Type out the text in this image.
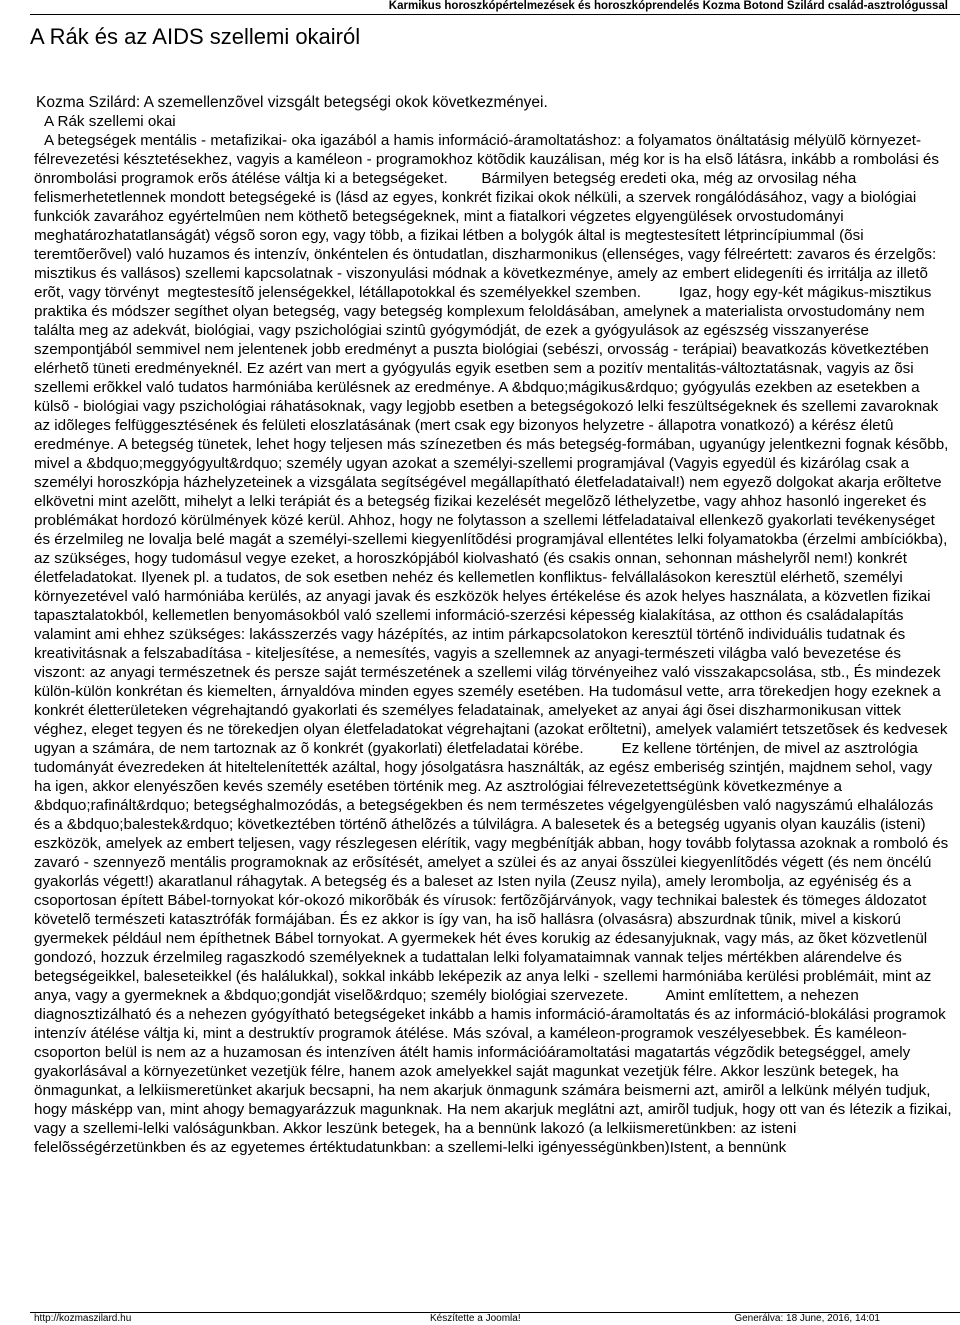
Karmikus horoszkópértelmezések és horoszkóprendelés Kozma Botond Szilárd család-asztrológussal
A Rák és az AIDS szellemi okairól
Kozma Szilárd: A szemellenzõvel vizsgált betegségi okok következményei.

A Rák szellemi okai

A betegségek mentális - metafizikai- oka igazából a hamis információ-áramoltatáshoz: a folyamatos önáltatásig mélyülõ környezet-félrevezetési késztetésekhez, vagyis a kaméleon - programokhoz kötõdik kauzálisan, még kor is ha elsõ látásra, inkább a rombolási és önrombolási programok erõs átélése váltja ki a betegségeket.        Bármilyen betegség eredeti oka, még az orvosilag néha felismerhetetlennek mondott betegségeké is (lásd az egyes, konkrét fizikai okok nélküli, a szervek rongálódásához, vagy a biológiai funkciók zavarához egyértelmûen nem köthetõ betegségeknek, mint a fiatalkori végzetes elgyengülések orvostudományi meghatározhatatlanságát) végsõ soron egy, vagy több, a fizikai létben a bolygók által is megtestesített létprincípiummal (õsi teremtõerõvel) való huzamos és intenzív, önkéntelen és öntudatlan, diszharmonikus (ellenséges, vagy félreértett: zavaros és érzelgõs: misztikus és vallásos) szellemi kapcsolatnak - viszonyulási módnak a következménye, amely az embert elidegeníti és irritálja az illetõ erõt, vagy törvényt  megtestesítõ jelenségekkel, létállapotokkal és személyekkel szemben.         Igaz, hogy egy-két mágikus-misztikus praktika és módszer segíthet olyan betegség, vagy betegség komplexum feloldásában, amelynek a materialista orvostudomány nem találta meg az adekvát, biológiai, vagy pszichológiai szintû gyógymódját, de ezek a gyógyulások az egészség visszanyerése szempontjából semmivel nem jelentenek jobb eredményt a puszta biológiai (sebészi, orvosság - terápiai) beavatkozás következtében elérhetõ tüneti eredményeknél. Ez azért van mert a gyógyulás egyik esetben sem a pozitív mentalitás-változtatásnak, vagyis az õsi szellemi erõkkel való tudatos harmóniába kerülésnek az eredménye. A &bdquo;mágikus&rdquo; gyógyulás ezekben az esetekben a külsõ - biológiai vagy pszichológiai ráhatásoknak, vagy legjobb esetben a betegségokozó lelki feszültségeknek és szellemi zavaroknak az idõleges felfüggesztésének és felületi eloszlatásának (mert csak egy bizonyos helyzetre - állapotra vonatkozó) a kérész életû eredménye. A betegség tünetek, lehet hogy teljesen más színezetben és más betegség-formában, ugyanúgy jelentkezni fognak késõbb, mivel a &bdquo;meggyógyult&rdquo; személy ugyan azokat a személyi-szellemi programjával (Vagyis egyedül és kizárólag csak a személyi horoszkópja házhelyzeteinek a vizsgálata segítségével megállapítható életfeladataival!) nem egyezõ dolgokat akarja erõltetve elkövetni mint azelõtt, mihelyt a lelki terápiát és a betegség fizikai kezelését megelõzõ léthelyzetbe, vagy ahhoz hasonló ingereket és problémákat hordozó körülmények közé kerül. Ahhoz, hogy ne folytasson a szellemi létfeladataival ellenkezõ gyakorlati tevékenységet és érzelmileg ne lovalja belé magát a személyi-szellemi kiegyenlítõdési programjával ellentétes lelki folyamatokba (érzelmi ambíciókba), az szükséges, hogy tudomásul vegye ezeket, a horoszkópjából kiolvasható (és csakis onnan, sehonnan máshelyrõl nem!) konkrét életfeladatokat. Ilyenek pl. a tudatos, de sok esetben nehéz és kellemetlen konfliktus- felvállalásokon keresztül elérhetõ, személyi környezetével való harmóniába kerülés, az anyagi javak és eszközök helyes értékelése és azok helyes használata, a közvetlen fizikai tapasztalatokból, kellemetlen benyomásokból való szellemi információ-szerzési képesség kialakítása, az otthon és családalapítás valamint ami ehhez szükséges: lakásszerzés vagy házépítés, az intim párkapcsolatokon keresztül történõ individuális tudatnak és kreativitásnak a felszabadítása - kiteljesítése, a nemesítés, vagyis a szellemnek az anyagi-természeti világba való bevezetése és viszont: az anyagi természetnek és perszе saját természetének a szellemi világ törvényeihez való visszakapcsolása, stb., És mindezek külön-külön konkrétan és kiemelten, árnyaldóva minden egyes személy esetében. Ha tudomásul vette, arra törekedjen hogy ezeknek a konkrét életterületeken végrehajtandó gyakorlati és személyes feladatainak, amelyeket az anyai ági õsei diszharmonikusan vittek véghez, eleget tegyen és ne törekedjen olyan életfeladatokat végrehajtani (azokat erõltetni), amelyek valamiért tetszetõsek és kedvesek ugyan a számára, de nem tartoznak az õ konkrét (gyakorlati) életfeladatai körébe.         Ez kellene történjen, de mivel az asztrológia tudományát évezredeken át hiteltelenítették azáltal, hogy jósolgatásra használták, az egész emberiség szintjén, majdnem sehol, vagy ha igen, akkor elenyészõen kevés személy esetében történik meg. Az asztrológiai félrevezetettségünk következménye a &bdquo;rafinált&rdquo; betegséghalmozódás, a betegségekben és nem természetes végelgyengülésben való nagyszámú elhalálozás és a &bdquo;balestek&rdquo; következtében történõ áthelõzés a túlvilágra. A balesetek és a betegség ugyanis olyan kauzális (isteni) eszközök, amelyek az embert teljesen, vagy részlegesen elérítik, vagy megbénítják abban, hogy tovább folytassa azoknak a romboló és zavaró - szennyezõ mentális programoknak az erõsítését, amelyet a szülei és az anyai õsszülei kiegyenlítõdés végett (és nem öncélú gyakorlás végett!) akaratlanul ráhagytak. A betegség és a baleset az Isten nyila (Zeusz nyila), amely lerombolja, az egyéniség és a csoportosan épített Bábel-tornyokat kór-okozó mikorõbák és vírusok: fertõzõjárványok, vagy technikai balestek és tömeges áldozatot követelõ természeti katasztrófák formájában. És ez akkor is így van, ha isõ hallásra (olvasásra) abszurdnak tûnik, mivel a kiskorú gyermekek például nem építhetnek Bábel tornyokat. A gyermekek hét éves korukig az édesanyjuknak, vagy más, az õket közvetlenül gondozó, hozzuk érzelmileg ragaszkodó személyeknek a tudattalan lelki folyamataimnak vannak teljes mértékben alárendelve és betegségeikkel, baleseteikkel (és halálukkal), sokkal inkább leképezik az anya lelki - szellemi harmóniába kerülési problémáit, mint az anya, vagy a gyermeknek a &bdquo;gondját viselõ&rdquo; személy biológiai szervezete.         Amint említettem, a nehezen diagnosztizálható és a nehezen gyógyítható betegségeket inkább a hamis információ-áramoltatás és az információ-blokálási programok intenzív átélése váltja ki, mint a destruktív programok átélése. Más szóval, a kaméleon-programok veszélyesebbek. És kaméleon-csoporton belül is nem az a huzamosan és intenzíven átélt hamis információáramoltatási magatartás végzõdik betegséggel, amely gyakorlásával a környezetünket vezetjük félre, hanem azok amelyekkel saját magunkat vezetjük félre. Akkor leszünk betegek, ha önmagunkat, a lelkiismeretünket akarjuk becsapni, ha nem akarjuk önmagunk számára beismerni azt, amirõl a lelkünk mélyén tudjuk, hogy másképp van, mint ahogy bemagyarázzuk magunknak. Ha nem akarjuk meglátni azt, amirõl tudjuk, hogy ott van és létezik a fizikai, vagy a szellemi-lelki valóságunkban. Akkor leszünk betegek, ha a bennünk lakozó (a lelkiismeretünkben: az isteni felelõsségérzetünkben és az egyetemes értéktudatunkban: a szellemi-lelki igényességünkben)Istent, a bennünk

http://kozmaszilard.hu	Készítette a Joomla!	Generálva: 18 June, 2016, 14:01
